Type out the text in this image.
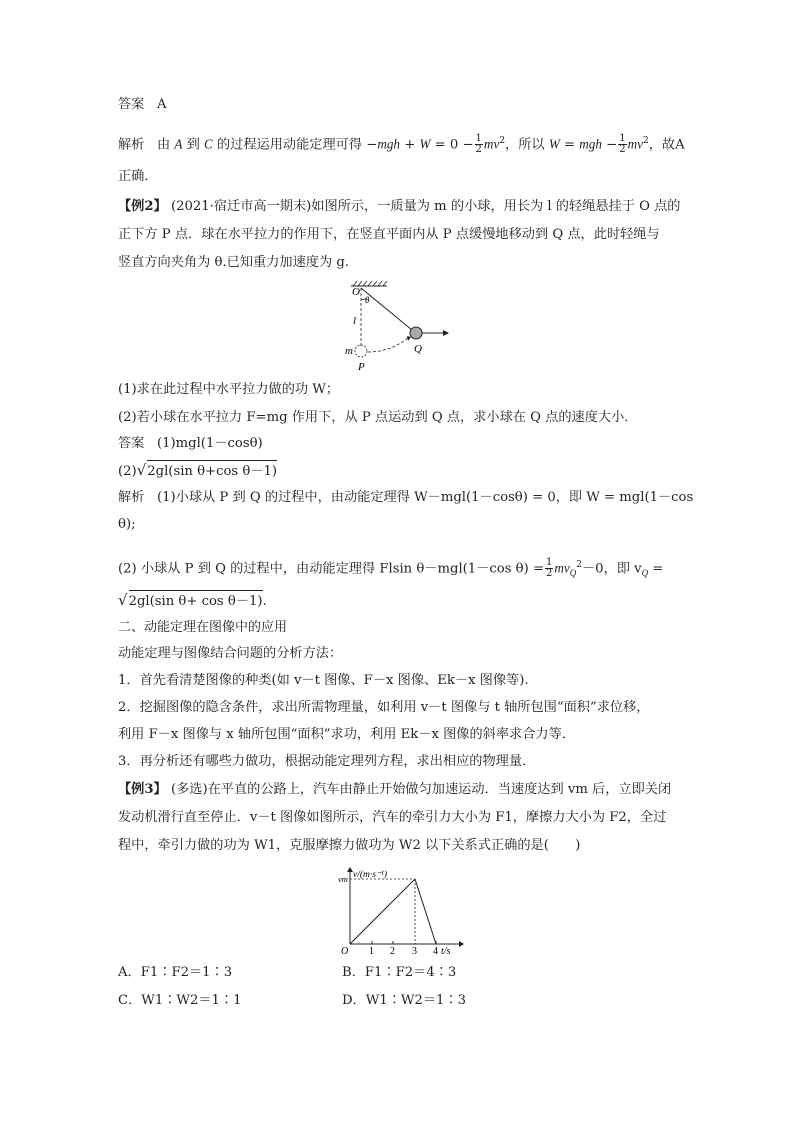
答案 A
解析 由 A 到 C 的过程运用动能定理可得 $-mgh + W = 0 - \frac{1}{2} mv^2$，所以 W = mgh − $\frac{1}{2} mv^2$，故A
正确．
【例2】 (2021·宿迁市高一期末)如图所示，一质量为 m 的小球，用长为 l 的轻绳悬挂于 O 点的
正下方 P 点．球在水平拉力的作用下，在竖直平面内从 P 点缓慢地移动到 Q 点，此时轻绳与
竖直方向夹角为 θ.已知重力加速度为 g.
O
θ
l
m
P
Q
(1)求在此过程中水平拉力做的功 W；
(2)若小球在水平拉力 F=mg 作用下，从 P 点运动到 Q 点，求小球在 Q 点的速度大小．
答案 (1)mgl(1－cosθ)
(2)√2gl(sin θ+cos θ－1)
解析 (1)小球从 P 到 Q 的过程中，由动能定理得 W－mgl(1－cosθ) = 0，即 W = mgl(1－cos
θ);
(2) 小球从 P 到 Q 的过程中，由动能定理得 Flsin θ－mgl(1－cos $\theta) = \frac{1}{2} mv_Q^2-0$，即 $v_Q$ =
√2gl(sin θ+ cos θ－1).
二、动能定理在图像中的应用
动能定理与图像结合问题的分析方法：
1．首先看清楚图像的种类(如 v－t 图像、F－x 图像、Ek－x 图像等).
2．挖掘图像的隐含条件，求出所需物理量，如利用 v－t 图像与 t 轴所包围“面积”求位移，
利用 F－x 图像与 x 轴所包围“面积”求功，利用 Ek－x 图像的斜率求合力等．
3．再分析还有哪些力做功，根据动能定理列方程，求出相应的物理量．
【例3】 (多选)在平直的公路上，汽车由静止开始做匀加速运动．当速度达到 vm 后，立即关闭
发动机滑行直至停止．v－t 图像如图所示，汽车的牵引力大小为 F1，摩擦力大小为 F2，全过
程中，牵引力做的功为 W1，克服摩擦力做功为 W2 以下关系式正确的是(　　)
v/(m·s⁻¹)
vm
O 1 2 3 4 t/s
A．F1∶F2＝1∶3	B．F1∶F2＝4∶3
C．W1∶W2＝1∶1	D．W1∶W2＝1∶3
